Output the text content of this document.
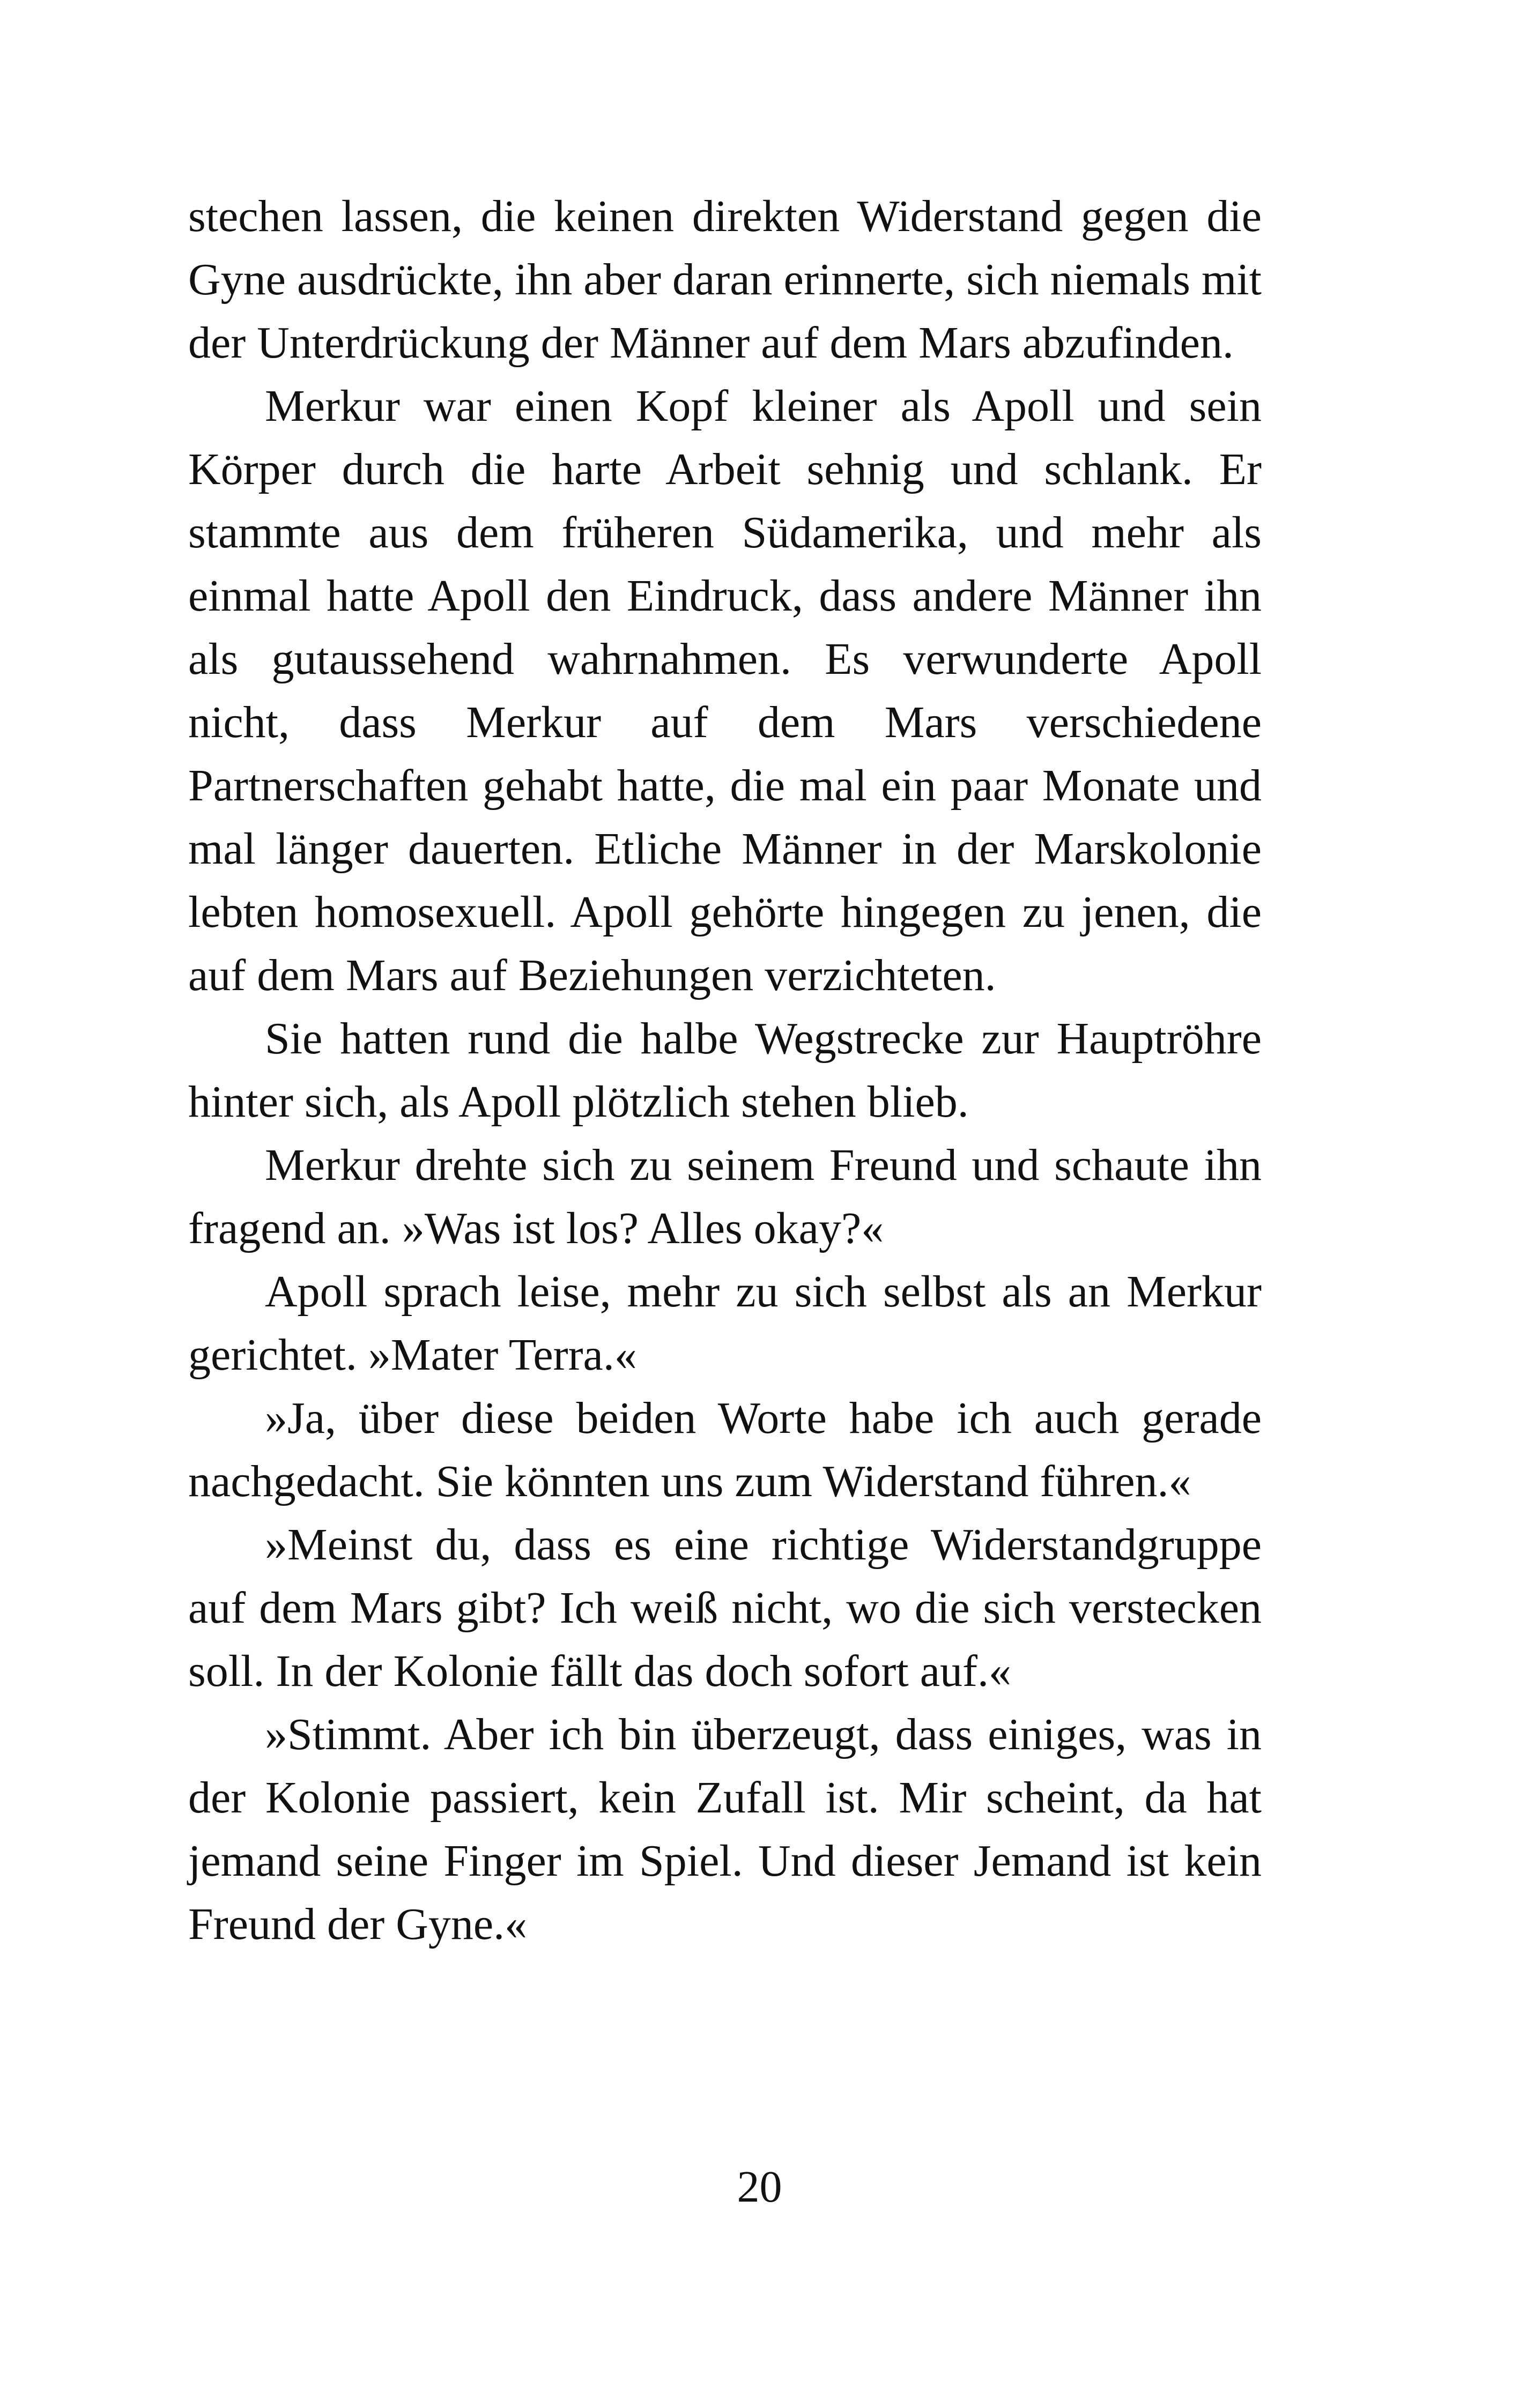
stechen lassen, die keinen direkten Widerstand gegen die Gyne ausdrückte, ihn aber daran erinnerte, sich niemals mit der Unterdrückung der Männer auf dem Mars abzufinden.

Merkur war einen Kopf kleiner als Apoll und sein Körper durch die harte Arbeit sehnig und schlank. Er stammte aus dem früheren Südamerika, und mehr als einmal hatte Apoll den Eindruck, dass andere Männer ihn als gutaussehend wahrnahmen. Es verwunderte Apoll nicht, dass Merkur auf dem Mars verschiedene Partnerschaften gehabt hatte, die mal ein paar Monate und mal länger dauerten. Etliche Männer in der Marskolonie lebten homosexuell. Apoll gehörte hingegen zu jenen, die auf dem Mars auf Beziehungen verzichteten.

Sie hatten rund die halbe Wegstrecke zur Hauptröhre hinter sich, als Apoll plötzlich stehen blieb.

Merkur drehte sich zu seinem Freund und schaute ihn fragend an. »Was ist los? Alles okay?«

Apoll sprach leise, mehr zu sich selbst als an Merkur gerichtet. »Mater Terra.«

»Ja, über diese beiden Worte habe ich auch gerade nachgedacht. Sie könnten uns zum Widerstand führen.«

»Meinst du, dass es eine richtige Widerstandgruppe auf dem Mars gibt? Ich weiß nicht, wo die sich verstecken soll. In der Kolonie fällt das doch sofort auf.«

»Stimmt. Aber ich bin überzeugt, dass einiges, was in der Kolonie passiert, kein Zufall ist. Mir scheint, da hat jemand seine Finger im Spiel. Und dieser Jemand ist kein Freund der Gyne.«

20
